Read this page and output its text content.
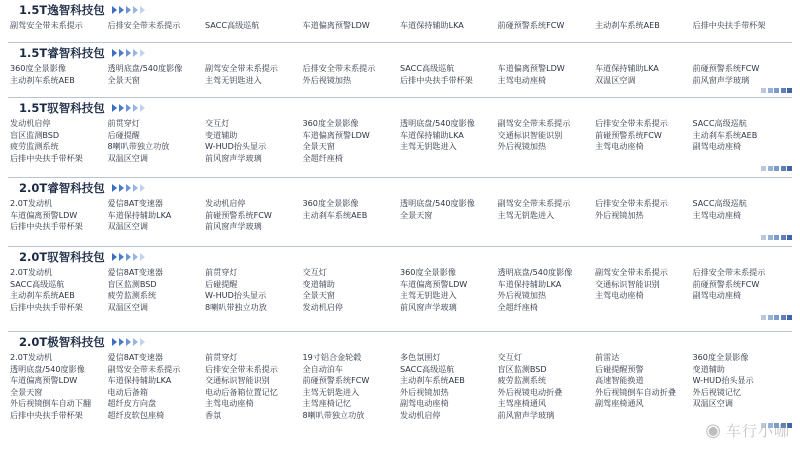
1.5T逸智科技包
副驾安全带未系提示	后排安全带未系提示	SACC高级巡航	车道偏离预警LDW	车道保持辅助LKA	前碰预警系统FCW	主动刹车系统AEB	后排中央扶手带杯架
1.5T睿智科技包
360度全景影像	透明底盘/540度影像	副驾安全带未系提示	后排安全带未系提示	SACC高级巡航	车道偏离预警LDW	车道保持辅助LKA	前碰预警系统FCW
主动刹车系统AEB	全景天窗	主驾无钥匙进入	外后视镜加热	后排中央扶手带杯架	主驾电动座椅	双温区空调	前风窗声学玻璃
1.5T驭智科技包
发动机启停	前贯穿灯	交互灯	360度全景影像	透明底盘/540度影像	副驾安全带未系提示	后排安全带未系提示	SACC高级巡航
盲区监测BSD	后碰提醒	变道辅助	车道偏离预警LDW	车道保持辅助LKA	交通标识智能识别	前碰预警系统FCW	主动刹车系统AEB
疲劳监测系统	8喇叭带独立功放	W-HUD抬头显示	全景天窗	主驾无钥匙进入	外后视镜加热	主驾电动座椅	副驾电动座椅
后排中央扶手带杯架	双温区空调	前风窗声学玻璃	全超纤座椅
2.0T睿智科技包
2.0T发动机	爱信8AT变速器	发动机启停	360度全景影像	透明底盘/540度影像	副驾安全带未系提示	后排安全带未系提示	SACC高级巡航
车道偏离预警LDW	车道保持辅助LKA	前碰预警系统FCW	主动刹车系统AEB	全景天窗	主驾无钥匙进入	外后视镜加热	主驾电动座椅
后排中央扶手带杯架	双温区空调	前风窗声学玻璃
2.0T驭智科技包
2.0T发动机	爱信8AT变速器	前贯穿灯	交互灯	360度全景影像	透明底盘/540度影像	副驾安全带未系提示	后排安全带未系提示
SACC高级巡航	盲区监测BSD	后碰提醒	变道辅助	车道偏离预警LDW	车道保持辅助LKA	交通标识智能识别	前碰预警系统FCW
主动刹车系统AEB	疲劳监测系统	W-HUD抬头显示	全景天窗	主驾无钥匙进入	外后视镜加热	主驾电动座椅	副驾电动座椅
后排中央扶手带杯架	双温区空调	8喇叭带独立功放	发动机启停	前风窗声学玻璃	全超纤座椅
2.0T极智科技包
2.0T发动机	爱信8AT变速器	前贯穿灯	19寸铝合金轮毂	多色氛围灯	交互灯	前雷达	360度全景影像
透明底盘/540度影像	副驾安全带未系提示	后排安全带未系提示	全自动泊车	SACC高级巡航	盲区监测BSD	后碰提醒预警	变道辅助
车道偏离预警LDW	车道保持辅助LKA	交通标识智能识别	前碰预警系统FCW	主动刹车系统AEB	疲劳监测系统	高速智能换道	W-HUD抬头显示
全景天窗	电动后备箱	电动后备箱位置记忆	主驾无钥匙进入	外后视镜加热	外后视镜电动折叠	外后视镜倒车自动折叠	外后视镜记忆
外后视镜倒车自动下翻	超纤皮方向盘	主驾电动座椅	主驾座椅记忆	副驾电动座椅	主驾座椅通风	副驾座椅通风	双温区空调
后排中央扶手带杯架	超纤皮软包座椅	香氛	8喇叭带独立功放	发动机启停	前风窗声学玻璃
◉ 车行小咖
